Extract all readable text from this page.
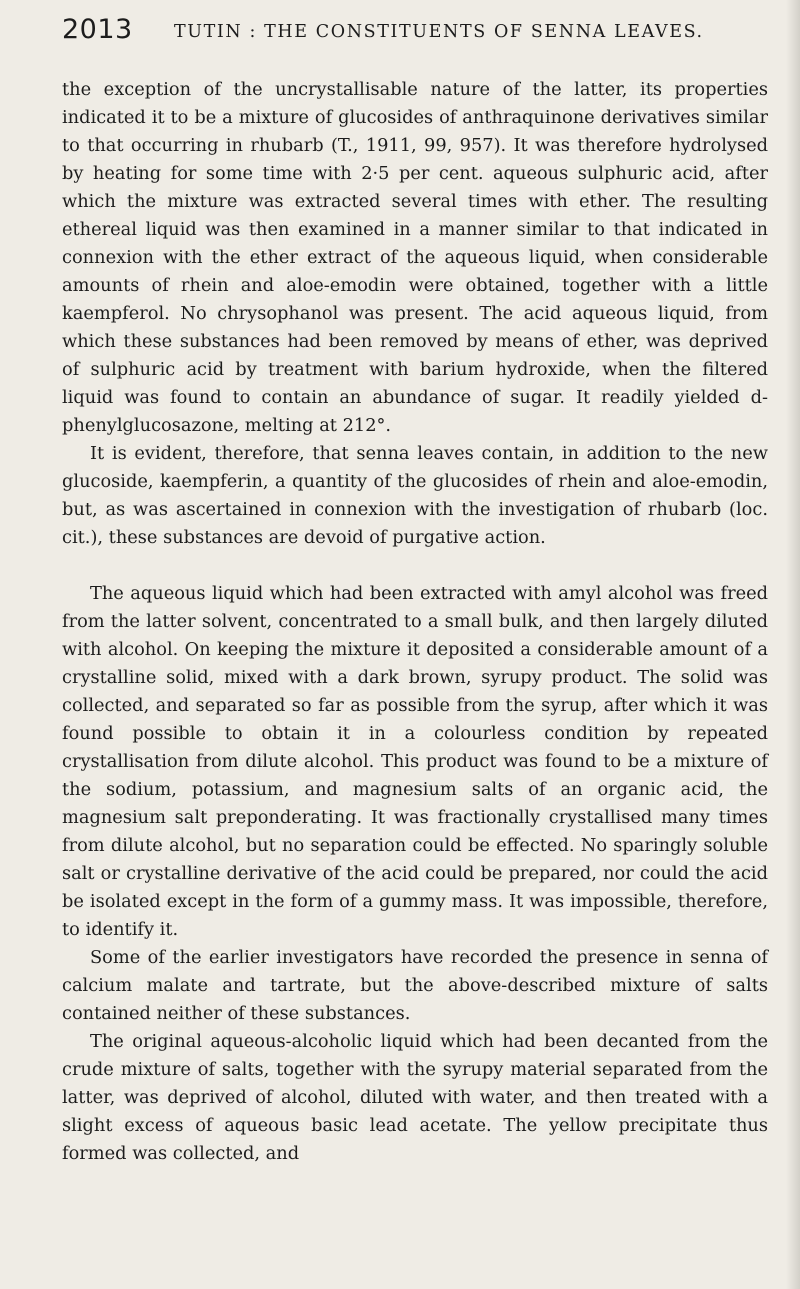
2013 TUTIN : THE CONSTITUENTS OF SENNA LEAVES.

the exception of the uncrystallisable nature of the latter, its properties indicated it to be a mixture of glucosides of anthraquinone derivatives similar to that occurring in rhubarb (T., 1911, 99, 957). It was therefore hydrolysed by heating for some time with 2·5 per cent. aqueous sulphuric acid, after which the mixture was extracted several times with ether. The resulting ethereal liquid was then examined in a manner similar to that indicated in connexion with the ether extract of the aqueous liquid, when considerable amounts of rhein and aloe-emodin were obtained, together with a little kaempferol. No chrysophanol was present. The acid aqueous liquid, from which these substances had been removed by means of ether, was deprived of sulphuric acid by treatment with barium hydroxide, when the filtered liquid was found to contain an abundance of sugar. It readily yielded d-phenylglucosazone, melting at 212°.

It is evident, therefore, that senna leaves contain, in addition to the new glucoside, kaempferin, a quantity of the glucosides of rhein and aloe-emodin, but, as was ascertained in connexion with the investigation of rhubarb (loc. cit.), these substances are devoid of purgative action.

The aqueous liquid which had been extracted with amyl alcohol was freed from the latter solvent, concentrated to a small bulk, and then largely diluted with alcohol. On keeping the mixture it deposited a considerable amount of a crystalline solid, mixed with a dark brown, syrupy product. The solid was collected, and separated so far as possible from the syrup, after which it was found possible to obtain it in a colourless condition by repeated crystallisation from dilute alcohol. This product was found to be a mixture of the sodium, potassium, and magnesium salts of an organic acid, the magnesium salt preponderating. It was fractionally crystallised many times from dilute alcohol, but no separation could be effected. No sparingly soluble salt or crystalline derivative of the acid could be prepared, nor could the acid be isolated except in the form of a gummy mass. It was impossible, therefore, to identify it.

Some of the earlier investigators have recorded the presence in senna of calcium malate and tartrate, but the above-described mixture of salts contained neither of these substances.

The original aqueous-alcoholic liquid which had been decanted from the crude mixture of salts, together with the syrupy material separated from the latter, was deprived of alcohol, diluted with water, and then treated with a slight excess of aqueous basic lead acetate. The yellow precipitate thus formed was collected, and
